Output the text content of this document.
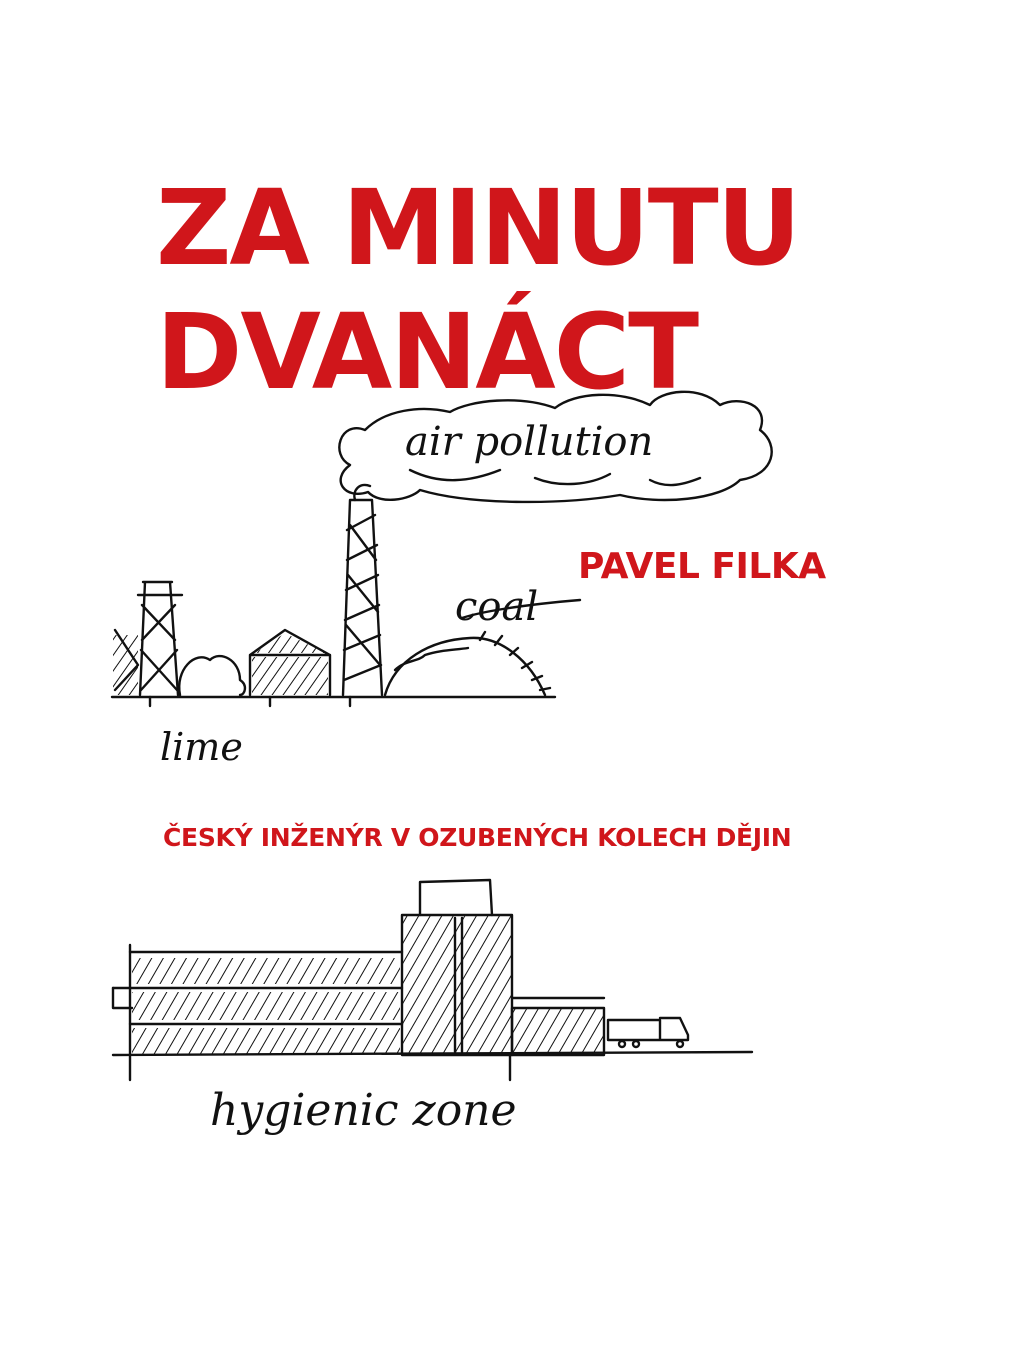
ZA MINUTU
DVANÁCT
air pollution
coal
lime
PAVEL FILKA
ČESKÝ INŽENÝR V OZUBENÝCH KOLECH DĚJIN
hygienic zone
